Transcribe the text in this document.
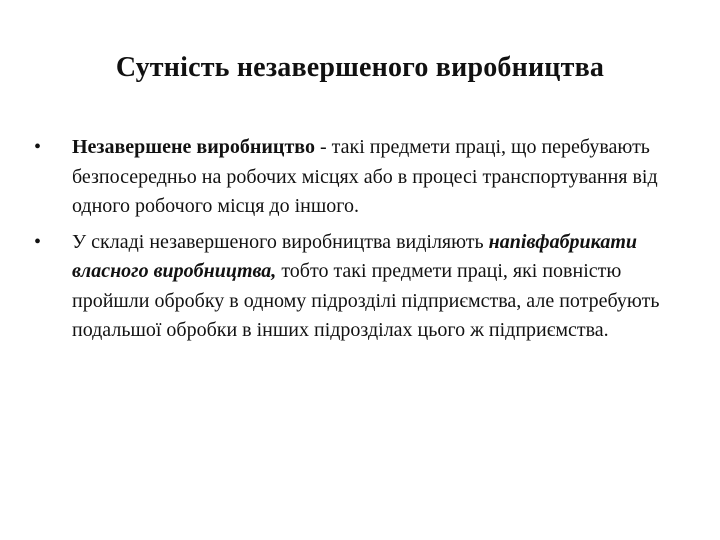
Сутність незавершеного виробництва
• Незавершене виробництво - такі предмети праці, що перебувають безпосередньо на робочих місцях або в процесі транспортування від одного робочого місця до іншого.
• У складі незавершеного виробництва виділяють напівфабрикати власного виробництва, тобто такі предмети праці, які повністю пройшли обробку в одному підрозділі підприємства, але потребують подальшої обробки в інших підрозділах цього ж підприємства.
